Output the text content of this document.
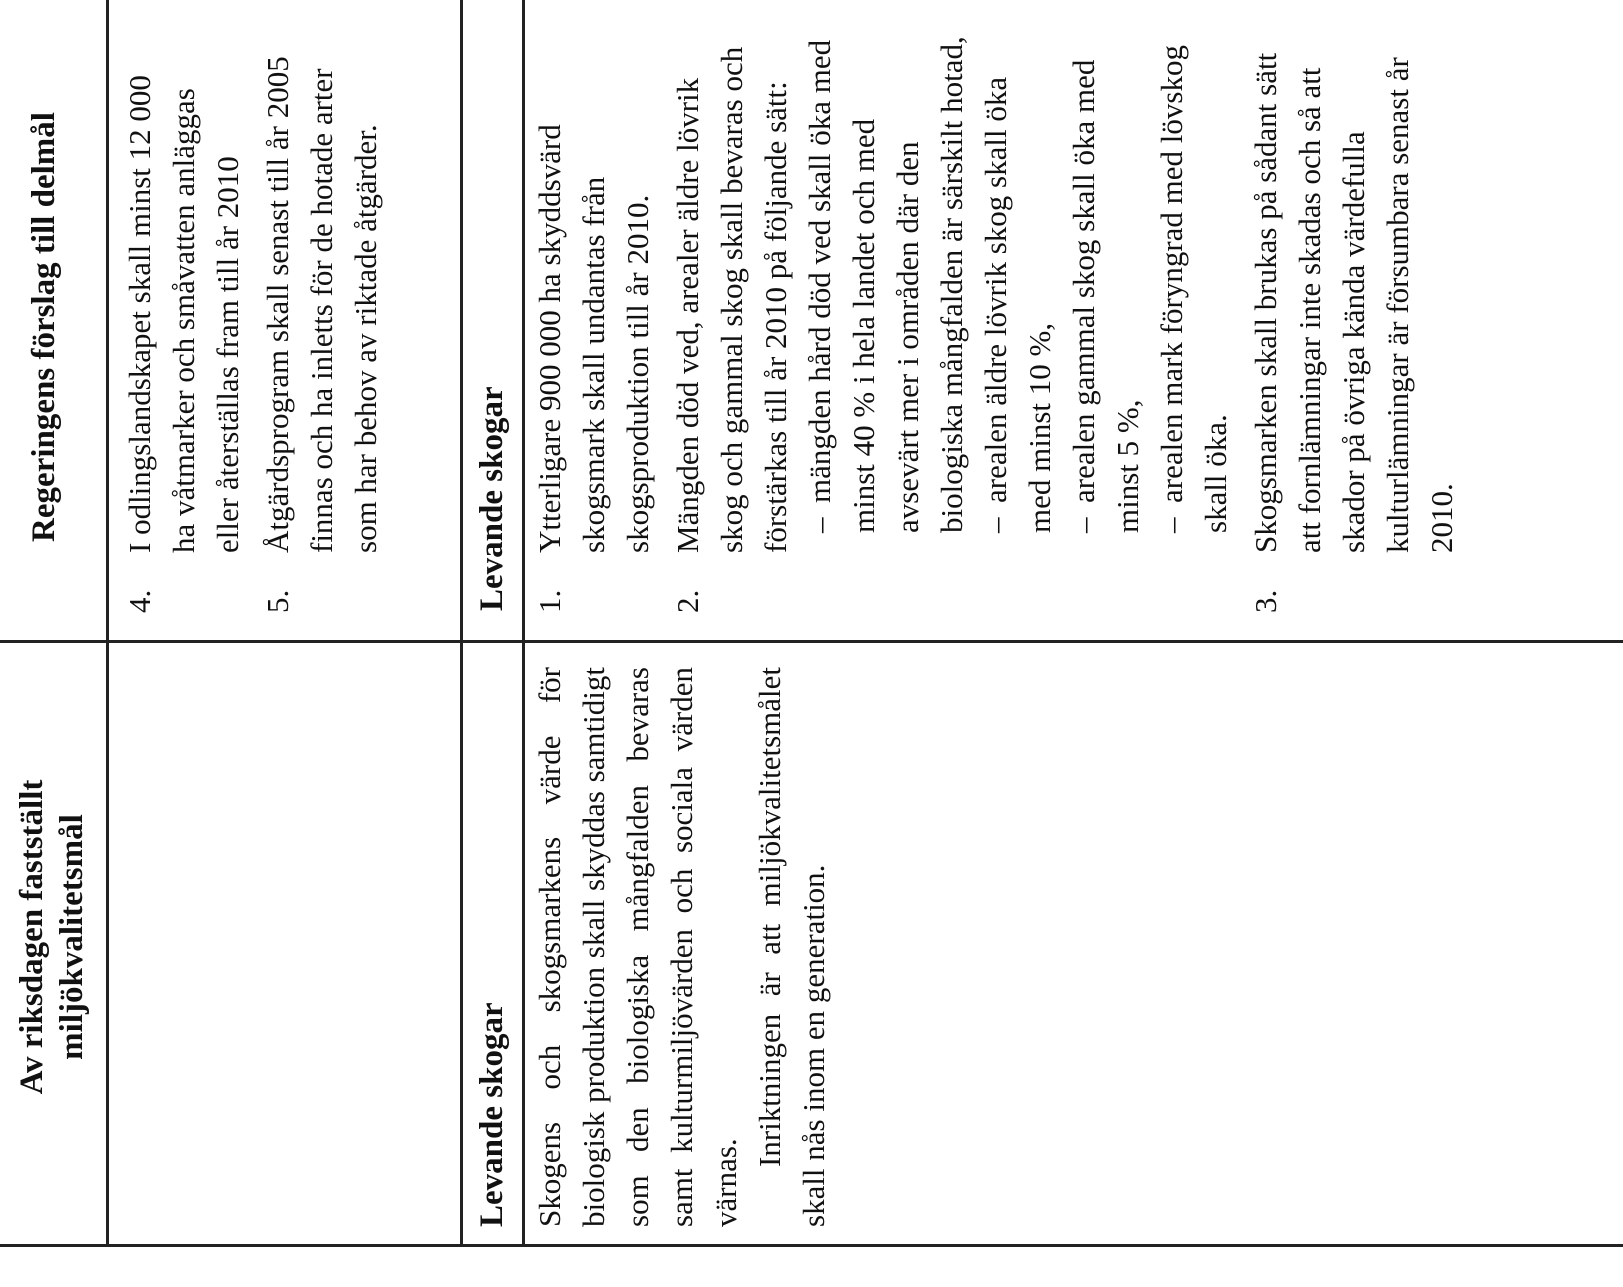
Av riksdagen fastställt miljökvalitetsmål
Regeringens förslag till delmål
4.
I odlingslandskapet skall minst 12 000 ha våtmarker och småvatten anläggas eller återställas fram till år 2010
5.
Åtgärdsprogram skall senast till år 2005 finnas och ha inletts för de hotade arter som har behov av riktade åtgärder.
Levande skogar
Levande skogar
Skogens och skogsmarkens värde för biologisk produktion skall skyddas samtidigt som den biologiska mångfalden bevaras samt kulturmiljövärden och sociala värden värnas.
Inriktningen är att miljökvalitetsmålet skall nås inom en generation.
1.
Ytterligare 900 000 ha skyddsvärd skogsmark skall undantas från skogsproduktion till år 2010.
2.
Mängden död ved, arealer äldre lövrik skog och gammal skog skall bevaras och förstärkas till år 2010 på följande sätt: –mängden hård död ved skall öka med minst 40 % i hela landet och med avsevärt mer i områden där den biologiska mångfalden är särskilt hotad, –arealen äldre lövrik skog skall öka med minst 10 %, –arealen gammal skog skall öka med minst 5 %, –arealen mark föryngrad med lövskog skall öka.
3.
Skogsmarken skall brukas på sådant sätt att fornlämningar inte skadas och så att skador på övriga kända värdefulla kulturlämningar är försumbara senast år 2010.
